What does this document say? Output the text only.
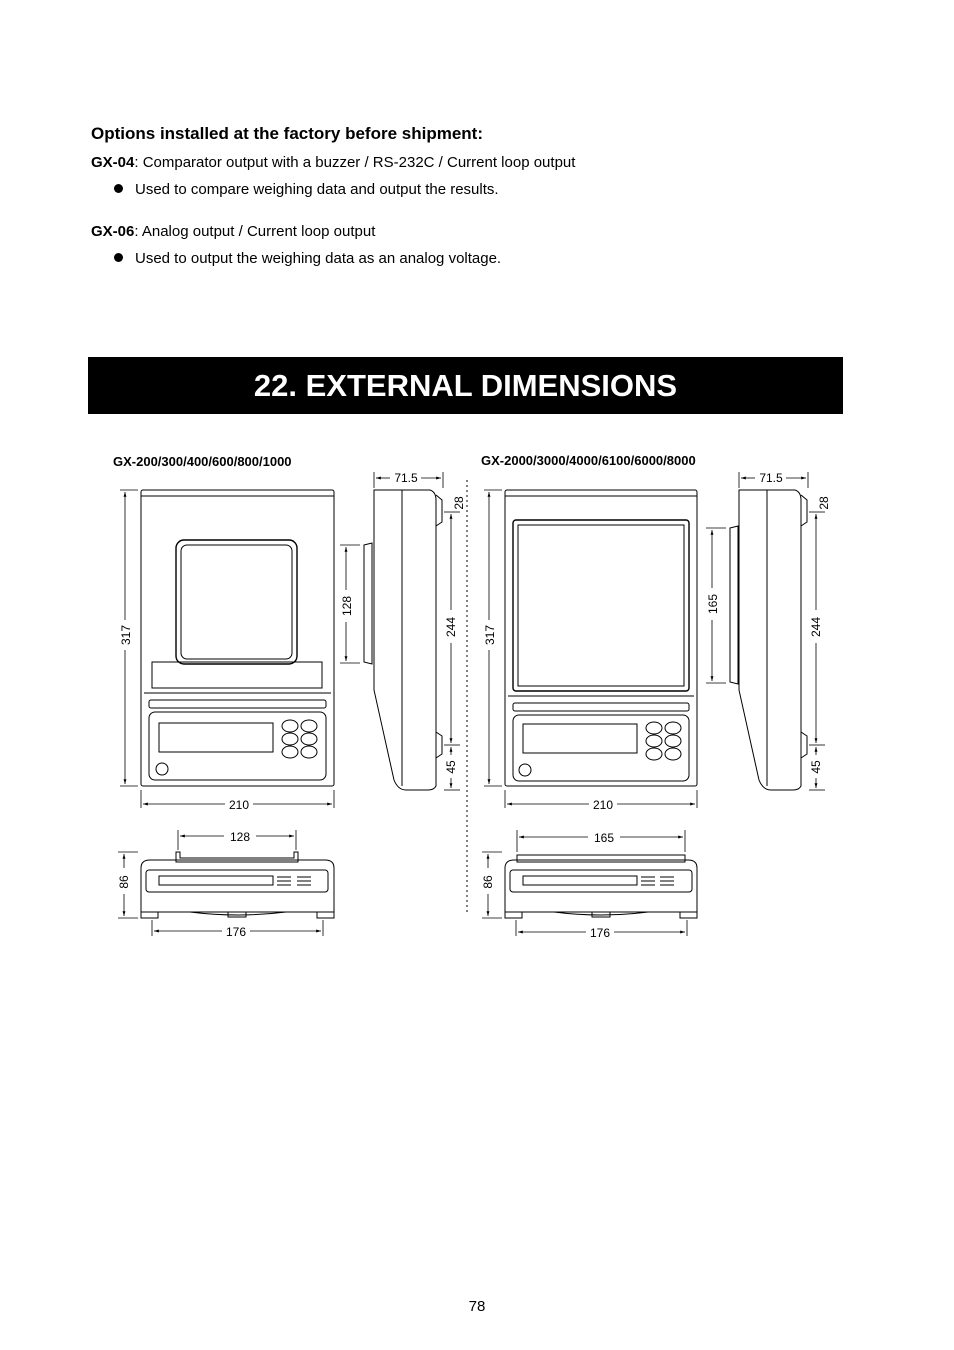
Options installed at the factory before shipment:
GX-04: Comparator output with a buzzer / RS-232C / Current loop output
Used to compare weighing data and output the results.
GX-06: Analog output / Current loop output
Used to output the weighing data as an analog voltage.
22. EXTERNAL DIMENSIONS
GX-200/300/400/600/800/1000	GX-2000/3000/4000/6100/6000/8000
317
210
71.5
28
128
244
45
128
86
176
317
210
71.5
28
165
244
45
165
86
176
78
